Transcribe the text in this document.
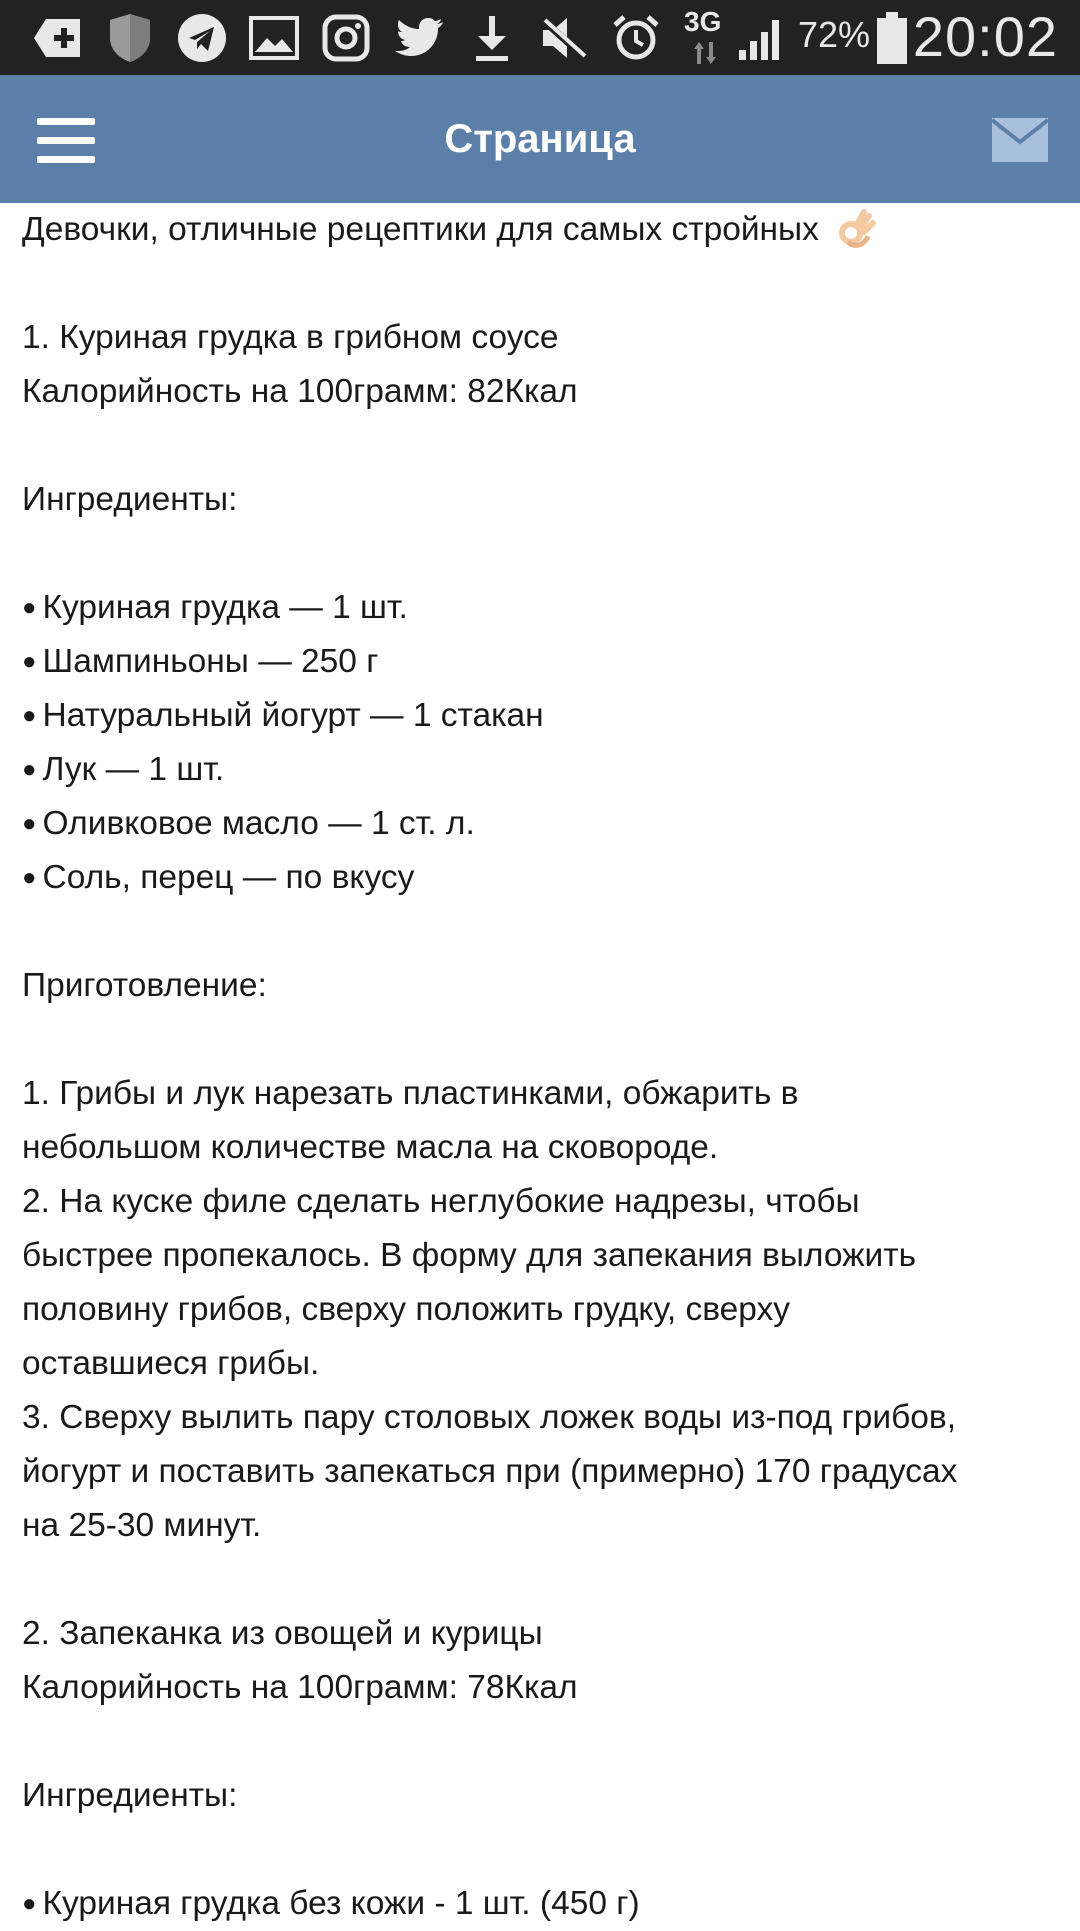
3G 72% 20:02
Страница
Девочки, отличные рецептики для самых стройных
1. Куриная грудка в грибном соусе
Калорийность на 100грамм: 82Ккал
Ингредиенты:
● Куриная грудка — 1 шт.
● Шампиньоны — 250 г
● Натуральный йогурт — 1 стакан
● Лук — 1 шт.
● Оливковое масло — 1 ст. л.
● Соль, перец — по вкусу
Приготовление:
1. Грибы и лук нарезать пластинками, обжарить в
небольшом количестве масла на сковороде.
2. На куске филе сделать неглубокие надрезы, чтобы
быстрее пропекалось. В форму для запекания выложить
половину грибов, сверху положить грудку, сверху
оставшиеся грибы.
3. Сверху вылить пару столовых ложек воды из-под грибов,
йогурт и поставить запекаться при (примерно) 170 градусах
на 25-30 минут.
2. Запеканка из овощей и курицы
Калорийность на 100грамм: 78Ккал
Ингредиенты:
● Куриная грудка без кожи - 1 шт. (450 г)
